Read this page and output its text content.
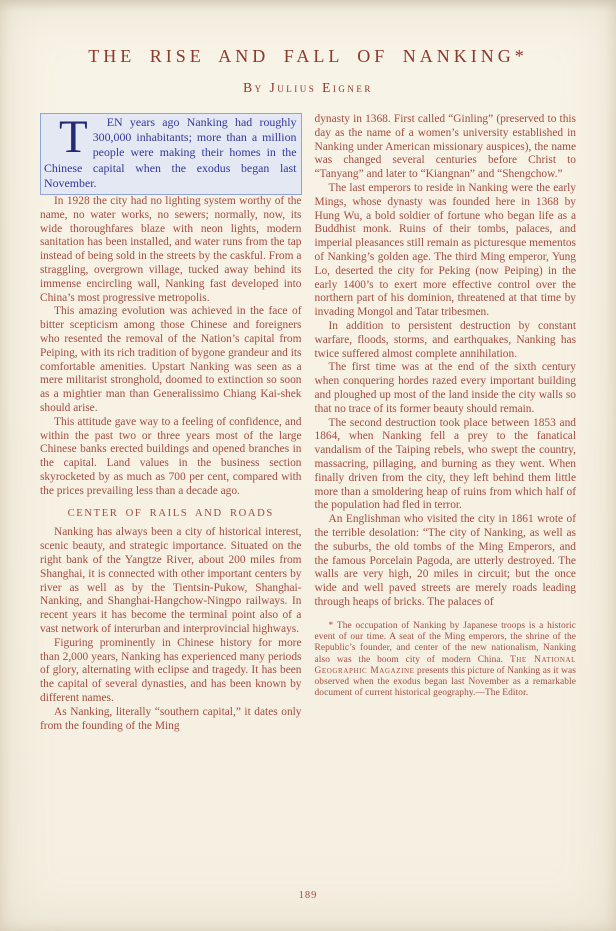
THE RISE AND FALL OF NANKING*
By Julius Eigner

T	EN years ago Nanking had roughly 300,000 inhabitants; more than a million people were making their homes in the Chinese capital when the exodus began last November.

In 1928 the city had no lighting system worthy of the name, no water works, no sewers; normally, now, its wide thoroughfares blaze with neon lights, modern sanitation has been installed, and water runs from the tap instead of being sold in the streets by the caskful. From a straggling, overgrown village, tucked away behind its immense encircling wall, Nanking fast developed into China’s most progressive metropolis.

This amazing evolution was achieved in the face of bitter scepticism among those Chinese and foreigners who resented the removal of the Nation’s capital from Peiping, with its rich tradition of bygone grandeur and its comfortable amenities. Upstart Nanking was seen as a mere militarist stronghold, doomed to extinction so soon as a mightier man than Generalissimo Chiang Kai-shek should arise.

This attitude gave way to a feeling of confidence, and within the past two or three years most of the large Chinese banks erected buildings and opened branches in the capital. Land values in the business section skyrocketed by as much as 700 per cent, compared with the prices prevailing less than a decade ago.

CENTER OF RAILS AND ROADS

Nanking has always been a city of historical interest, scenic beauty, and strategic importance. Situated on the right bank of the Yangtze River, about 200 miles from Shanghai, it is connected with other important centers by river as well as by the Tientsin-Pukow, Shanghai-Nanking, and Shanghai-Hangchow-Ningpo railways. In recent years it has become the terminal point also of a vast network of interurban and interprovincial highways.

Figuring prominently in Chinese history for more than 2,000 years, Nanking has experienced many periods of glory, alternating with eclipse and tragedy. It has been the capital of several dynasties, and has been known by different names.

As Nanking, literally “southern capital,” it dates only from the founding of the Ming

dynasty in 1368. First called “Ginling” (preserved to this day as the name of a women’s university established in Nanking under American missionary auspices), the name was changed several centuries before Christ to “Tanyang” and later to “Kiangnan” and “Shengchow.”

The last emperors to reside in Nanking were the early Mings, whose dynasty was founded here in 1368 by Hung Wu, a bold soldier of fortune who began life as a Buddhist monk. Ruins of their tombs, palaces, and imperial pleasances still remain as picturesque mementos of Nanking’s golden age. The third Ming emperor, Yung Lo, deserted the city for Peking (now Peiping) in the early 1400’s to exert more effective control over the northern part of his dominion, threatened at that time by invading Mongol and Tatar tribesmen.

In addition to persistent destruction by constant warfare, floods, storms, and earthquakes, Nanking has twice suffered almost complete annihilation.

The first time was at the end of the sixth century when conquering hordes razed every important building and ploughed up most of the land inside the city walls so that no trace of its former beauty should remain.

The second destruction took place between 1853 and 1864, when Nanking fell a prey to the fanatical vandalism of the Taiping rebels, who swept the country, massacring, pillaging, and burning as they went. When finally driven from the city, they left behind them little more than a smoldering heap of ruins from which half of the population had fled in terror.

An Englishman who visited the city in 1861 wrote of the terrible desolation: “The city of Nanking, as well as the suburbs, the old tombs of the Ming Emperors, and the famous Porcelain Pagoda, are utterly destroyed. The walls are very high, 20 miles in circuit; but the once wide and well paved streets are merely roads leading through heaps of bricks. The palaces of

* The occupation of Nanking by Japanese troops is a historic event of our time. A seat of the Ming emperors, the shrine of the Republic’s founder, and center of the new nationalism, Nanking also was the boom city of modern China. The National Geographic Magazine presents this picture of Nanking as it was observed when the exodus began last November as a remarkable document of current historical geography.—The Editor.

189
